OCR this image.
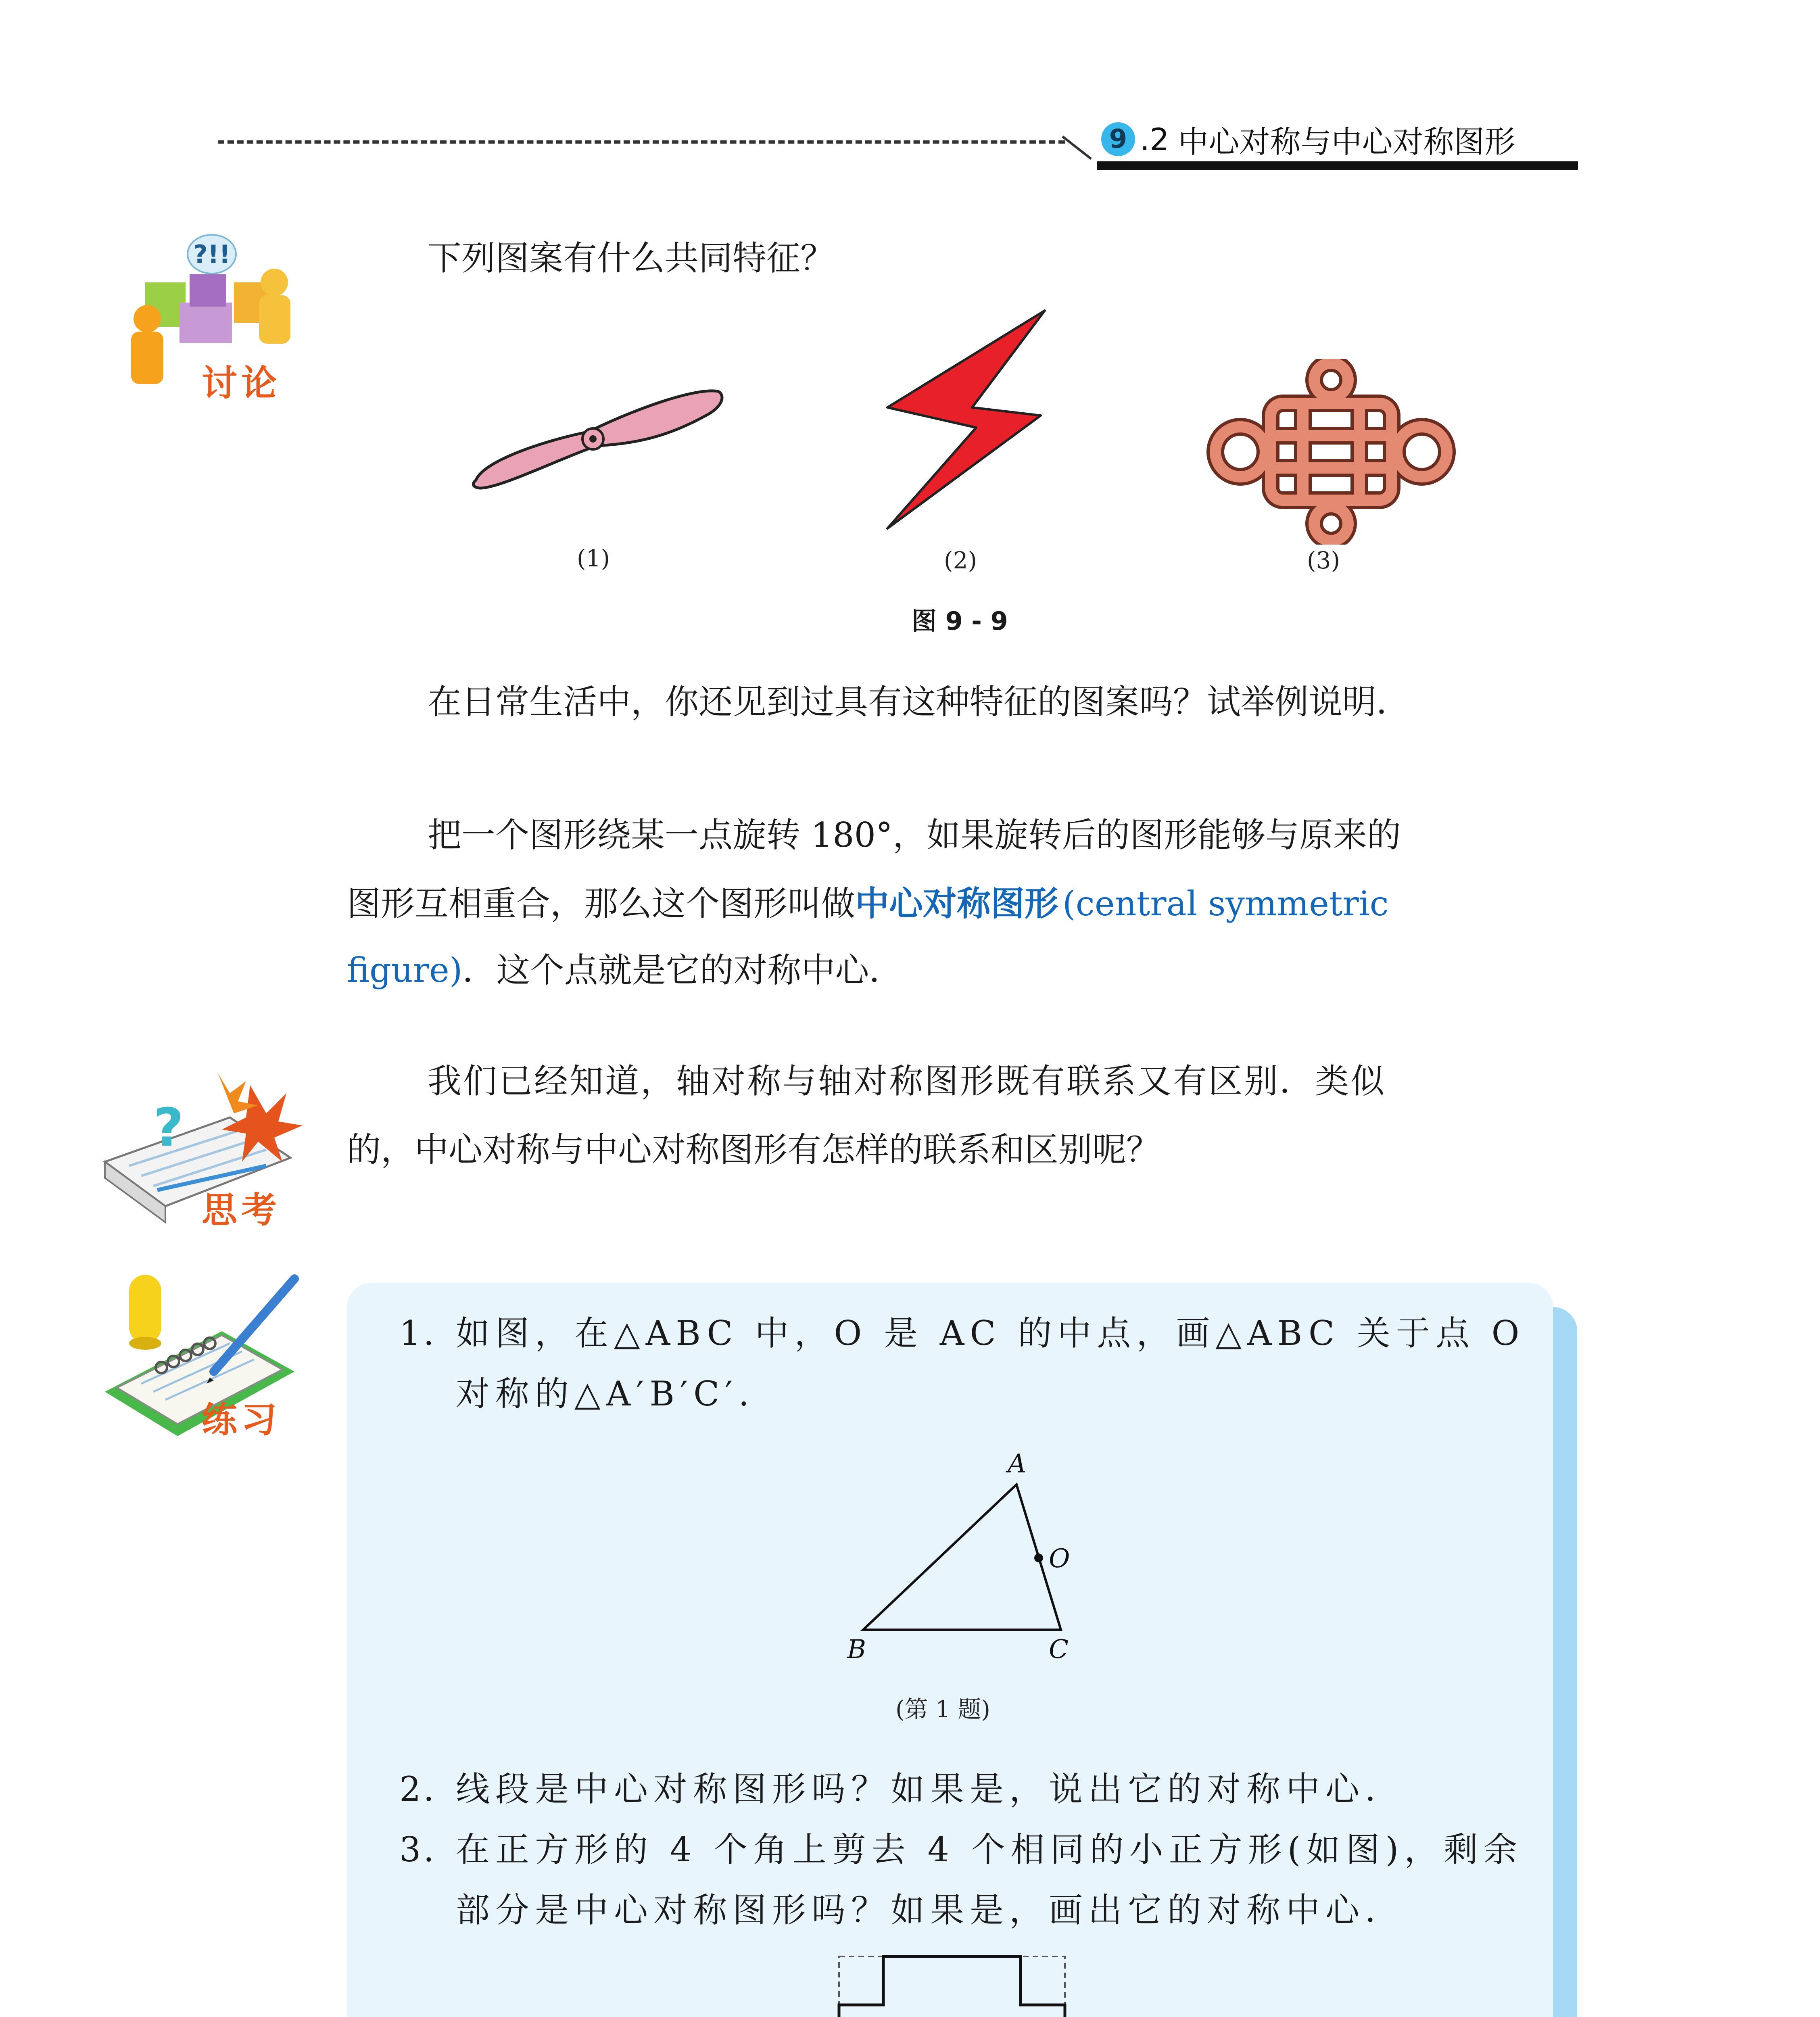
9 .2 中心对称与中心对称图形
?!!
讨论
下列图案有什么共同特征？
(1)	(2)	(3)
图 9 - 9
在日常生活中，你还见到过具有这种特征的图案吗？试举例说明．
把一个图形绕某一点旋转 180°，如果旋转后的图形能够与原来的
图形互相重合，那么这个图形叫做中心对称图形 (central symmetric
figure)．这个点就是它的对称中心．
?
思考
我们已经知道，轴对称与轴对称图形既有联系又有区别．类似
的，中心对称与中心对称图形有怎样的联系和区别呢？
练习
1. 如图，在△ABC 中，O 是 AC 的中点，画△ABC 关于点 O
对称的△A′B′C′.
A
B	C
O
(第 1 题)
2. 线段是中心对称图形吗？如果是，说出它的对称中心．
3. 在正方形的 4 个角上剪去 4 个相同的小正方形(如图)，剩余
部分是中心对称图形吗？如果是，画出它的对称中心．
